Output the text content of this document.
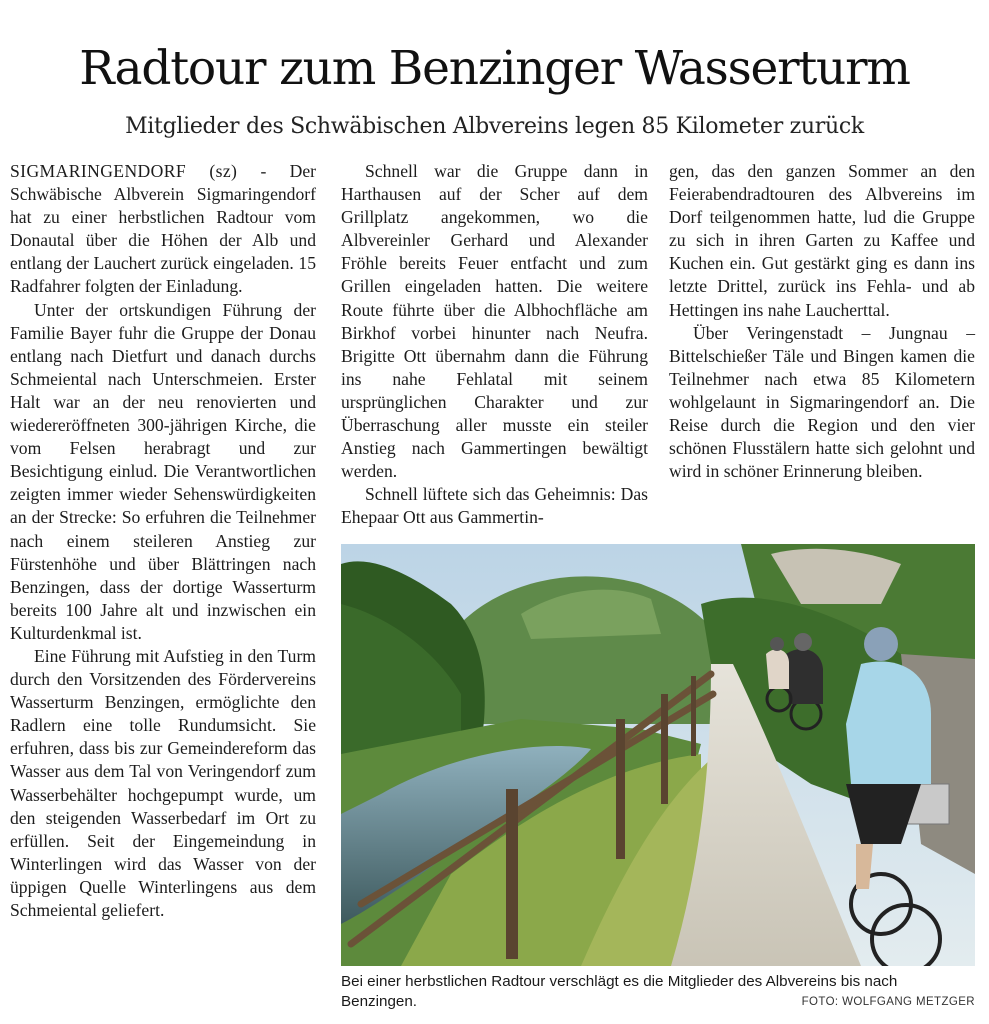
Radtour zum Benzinger Wasserturm
Mitglieder des Schwäbischen Albvereins legen 85 Kilometer zurück

SIGMARINGENDORF (sz) - Der Schwäbische Albverein Sigmaringendorf hat zu einer herbstlichen Radtour vom Donautal über die Höhen der Alb und entlang der Lauchert zurück eingeladen. 15 Radfahrer folgten der Einladung.

Unter der ortskundigen Führung der Familie Bayer fuhr die Gruppe der Donau entlang nach Dietfurt und danach durchs Schmeiental nach Unterschmeien. Erster Halt war an der neu renovierten und wiedereröffneten 300-jährigen Kirche, die vom Felsen herabragt und zur Besichtigung einlud. Die Verantwortlichen zeigten immer wieder Sehenswürdigkeiten an der Strecke: So erfuhren die Teilnehmer nach einem steileren Anstieg zur Fürstenhöhe und über Blättringen nach Benzingen, dass der dortige Wasserturm bereits 100 Jahre alt und inzwischen ein Kulturdenkmal ist.

Eine Führung mit Aufstieg in den Turm durch den Vorsitzenden des Fördervereins Wasserturm Benzingen, ermöglichte den Radlern eine tolle Rundumsicht. Sie erfuhren, dass bis zur Gemeindereform das Wasser aus dem Tal von Veringendorf zum Wasserbehälter hochgepumpt wurde, um den steigenden Wasserbedarf im Ort zu erfüllen. Seit der Eingemeindung in Winterlingen wird das Wasser von der üppigen Quelle Winterlingens aus dem Schmeiental geliefert.

Schnell war die Gruppe dann in Harthausen auf der Scher auf dem Grillplatz angekommen, wo die Albvereinler Gerhard und Alexander Fröhle bereits Feuer entfacht und zum Grillen eingeladen hatten. Die weitere Route führte über die Albhochfläche am Birkhof vorbei hinunter nach Neufra. Brigitte Ott übernahm dann die Führung ins nahe Fehlatal mit seinem ursprünglichen Charakter und zur Überraschung aller musste ein steiler Anstieg nach Gammertingen bewältigt werden.

Schnell lüftete sich das Geheimnis: Das Ehepaar Ott aus Gammertin-

gen, das den ganzen Sommer an den Feierabendradtouren des Albvereins im Dorf teilgenommen hatte, lud die Gruppe zu sich in ihren Garten zu Kaffee und Kuchen ein. Gut gestärkt ging es dann ins letzte Drittel, zurück ins Fehla- und ab Hettingen ins nahe Laucherttal.

Über Veringenstadt – Jungnau – Bittelschießer Täle und Bingen kamen die Teilnehmer nach etwa 85 Kilometern wohlgelaunt in Sigmaringendorf an. Die Reise durch die Region und den vier schönen Flusstälern hatte sich gelohnt und wird in schöner Erinnerung bleiben.

Bei einer herbstlichen Radtour verschlägt es die Mitglieder des Albvereins bis nach Benzingen.	FOTO: WOLFGANG METZGER
